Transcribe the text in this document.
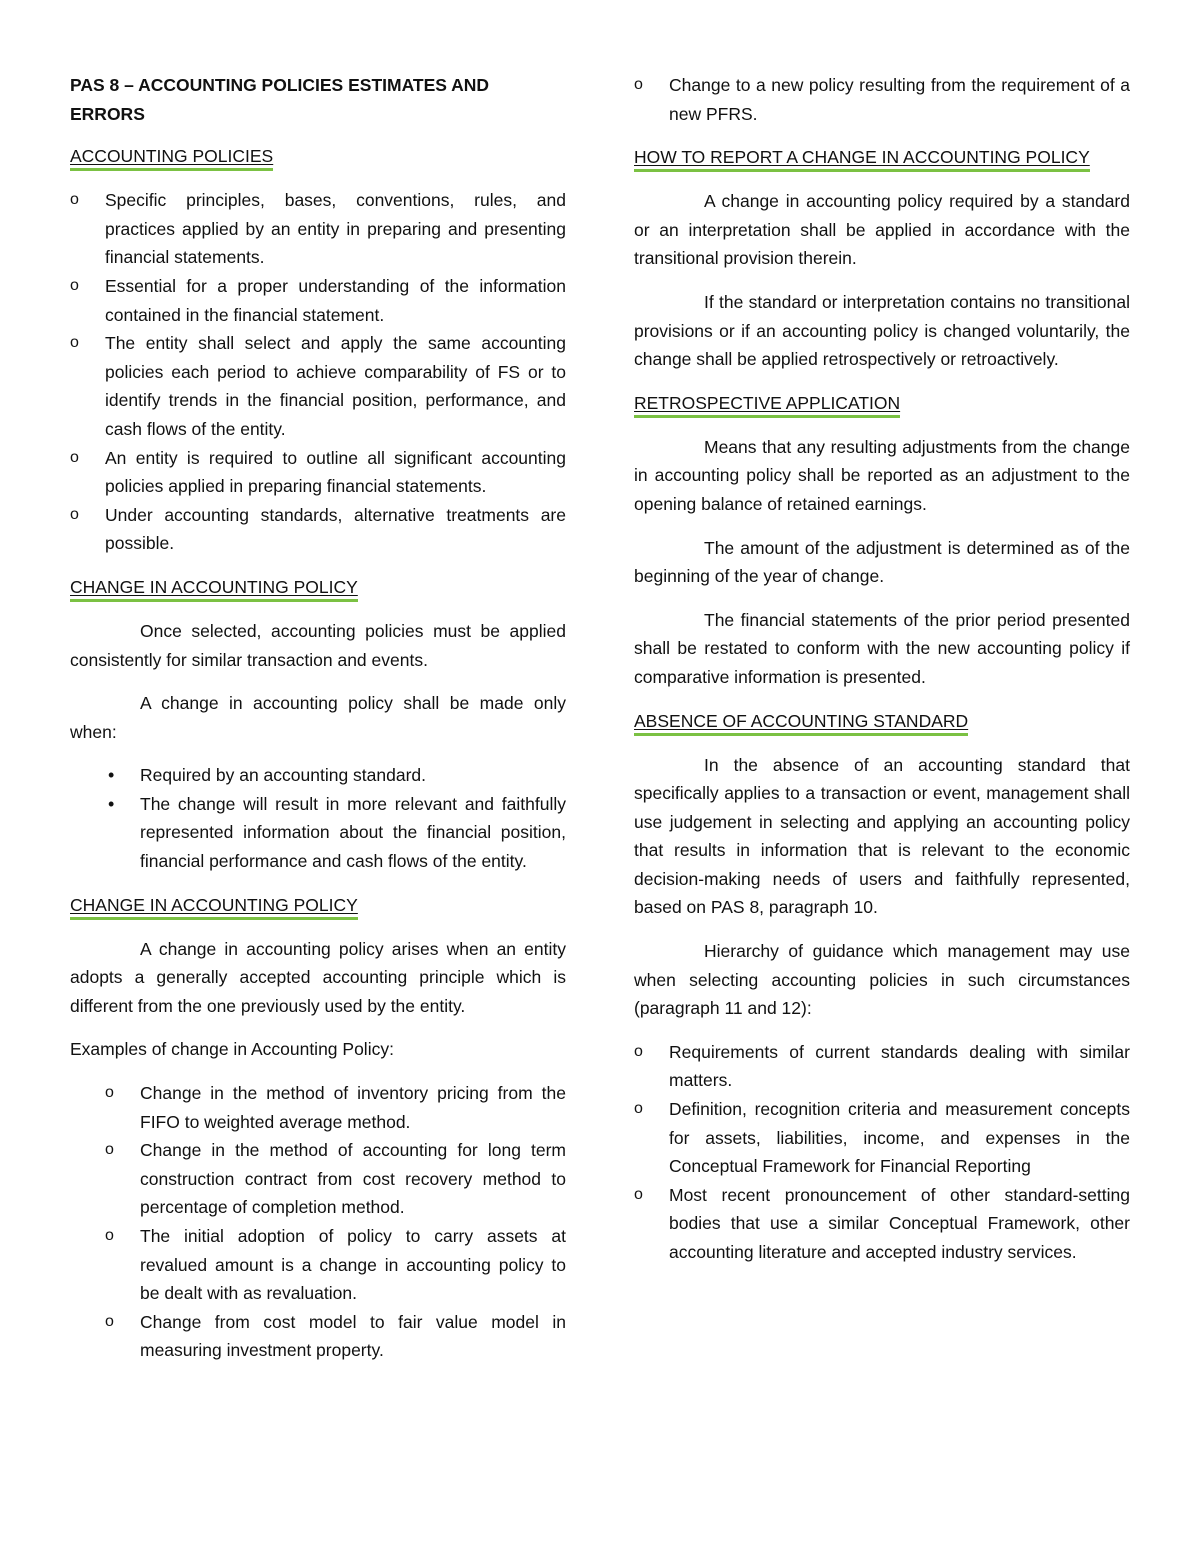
PAS 8 – ACCOUNTING POLICIES ESTIMATES AND ERRORS

ACCOUNTING POLICIES
o Specific principles, bases, conventions, rules, and practices applied by an entity in preparing and presenting financial statements.
o Essential for a proper understanding of the information contained in the financial statement.
o The entity shall select and apply the same accounting policies each period to achieve comparability of FS or to identify trends in the financial position, performance, and cash flows of the entity.
o An entity is required to outline all significant accounting policies applied in preparing financial statements.
o Under accounting standards, alternative treatments are possible.
CHANGE IN ACCOUNTING POLICY

Once selected, accounting policies must be applied consistently for similar transaction and events.

A change in accounting policy shall be made only when:

• Required by an accounting standard.
• The change will result in more relevant and faithfully represented information about the financial position, financial performance and cash flows of the entity.
CHANGE IN ACCOUNTING POLICY

A change in accounting policy arises when an entity adopts a generally accepted accounting principle which is different from the one previously used by the entity.

Examples of change in Accounting Policy:

o Change in the method of inventory pricing from the FIFO to weighted average method.
o Change in the method of accounting for long term construction contract from cost recovery method to percentage of completion method.
o The initial adoption of policy to carry assets at revalued amount is a change in accounting policy to be dealt with as revaluation.
o Change from cost model to fair value model in measuring investment property.
o Change to a new policy resulting from the requirement of a new PFRS.
HOW TO REPORT A CHANGE IN ACCOUNTING POLICY

A change in accounting policy required by a standard or an interpretation shall be applied in accordance with the transitional provision therein.

If the standard or interpretation contains no transitional provisions or if an accounting policy is changed voluntarily, the change shall be applied retrospectively or retroactively.

RETROSPECTIVE APPLICATION

Means that any resulting adjustments from the change in accounting policy shall be reported as an adjustment to the opening balance of retained earnings.

The amount of the adjustment is determined as of the beginning of the year of change.

The financial statements of the prior period presented shall be restated to conform with the new accounting policy if comparative information is presented.

ABSENCE OF ACCOUNTING STANDARD

In the absence of an accounting standard that specifically applies to a transaction or event, management shall use judgement in selecting and applying an accounting policy that results in information that is relevant to the economic decision-making needs of users and faithfully represented, based on PAS 8, paragraph 10.

Hierarchy of guidance which management may use when selecting accounting policies in such circumstances (paragraph 11 and 12):

o Requirements of current standards dealing with similar matters.
o Definition, recognition criteria and measurement concepts for assets, liabilities, income, and expenses in the Conceptual Framework for Financial Reporting
o Most recent pronouncement of other standard-setting bodies that use a similar Conceptual Framework, other accounting literature and accepted industry services.
